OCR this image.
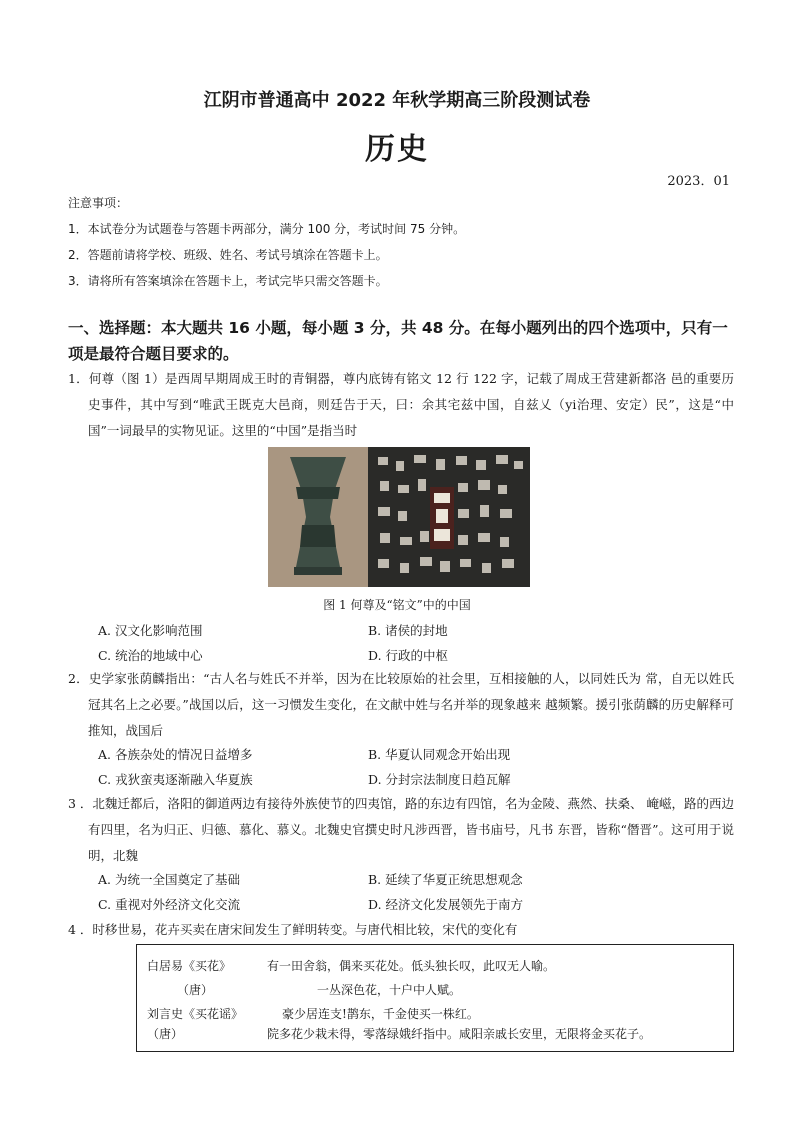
江阴市普通高中 2022 年秋学期高三阶段测试卷
历史
2023．01
注意事项：
1．本试卷分为试题卷与答题卡两部分，满分 100 分，考试时间 75 分钟。
2．答题前请将学校、班级、姓名、考试号填涂在答题卡上。
3．请将所有答案填涂在答题卡上，考试完毕只需交答题卡。
一、选择题：本大题共 16 小题，每小题 3 分，共 48 分。在每小题列出的四个选项中，只有一项是最符合题目要求的。
1．何尊（图 1）是西周早期周成王时的青铜器，尊内底铸有铭文 12 行 122 字，记载了周成王营建新都洛 邑的重要历史事件，其中写到“唯武王既克大邑商，则廷告于天，曰：余其宅兹中国，自兹乂（yi治理、安定）民”，这是“中国”一词最早的实物见证。这里的“中国”是指当时
图 1 何尊及“铭文”中的中国
A. 汉文化影响范围	B. 诸侯的封地
C. 统治的地域中心	D. 行政的中枢
2．史学家张荫麟指出：“古人名与姓氏不并举，因为在比较原始的社会里，互相接触的人，以同姓氏为 常，自无以姓氏冠其名上之必要。”战国以后，这一习惯发生变化，在文献中姓与名并举的现象越来 越频繁。援引张荫麟的历史解释可推知，战国后
A. 各族杂处的情况日益增多	B. 华夏认同观念开始出现
C. 戎狄蛮夷逐渐融入华夏族	D. 分封宗法制度日趋瓦解
3 ．北魏迁都后，洛阳的御道两边有接待外族使节的四夷馆，路的东边有四馆，名为金陵、燕然、扶桑、 崦嵫，路的西边有四里，名为归正、归德、慕化、慕义。北魏史官撰史时凡涉西晋，皆书庙号，凡书 东晋，皆称“僭晋”。这可用于说明，北魏
A. 为统一全国奠定了基础	B. 延续了华夏正统思想观念
C. 重视对外经济文化交流	D. 经济文化发展领先于南方
4 ．时移世易，花卉买卖在唐宋间发生了鲜明转变。与唐代相比较，宋代的变化有
白居易《买花》	有一田舍翁，偶来买花处。低头独长叹，此叹无人喻。
（唐）	一丛深色花，十户中人赋。
刘言史《买花谣》	豪少居连支!鹊东，千金使买一株红。
（唐）	院多花少栽未得，零落绿娥纤指中。咸阳亲戚长安里，无限将金买花子。
